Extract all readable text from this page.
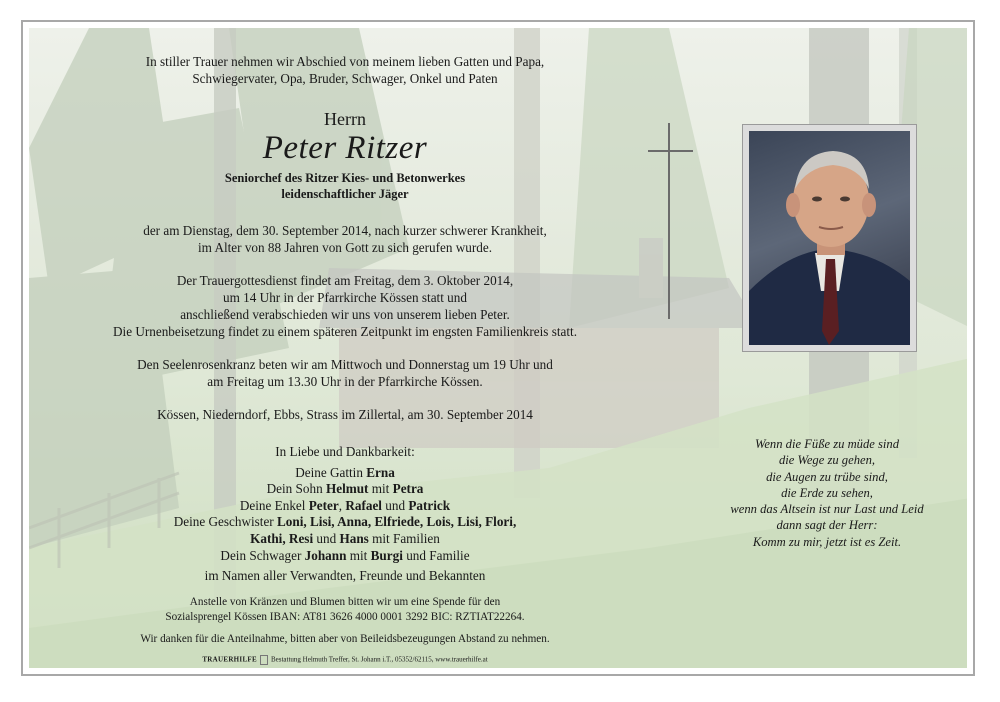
In stiller Trauer nehmen wir Abschied von meinem lieben Gatten und Papa,
Schwiegervater, Opa, Bruder, Schwager, Onkel und Paten
Herrn
Peter Ritzer
Seniorchef des Ritzer Kies- und Betonwerkes
leidenschaftlicher Jäger
der am Dienstag, dem 30. September 2014, nach kurzer schwerer Krankheit,
im Alter von 88 Jahren von Gott zu sich gerufen wurde.
Der Trauergottesdienst findet am Freitag, dem 3. Oktober 2014,
um 14 Uhr in der Pfarrkirche Kössen statt und
anschließend verabschieden wir uns von unserem lieben Peter.
Die Urnenbeisetzung findet zu einem späteren Zeitpunkt im engsten Familienkreis statt.
Den Seelenrosenkranz beten wir am Mittwoch und Donnerstag um 19 Uhr und
am Freitag um 13.30 Uhr in der Pfarrkirche Kössen.
Kössen, Niederndorf, Ebbs, Strass im Zillertal, am 30. September 2014
In Liebe und Dankbarkeit:
Deine Gattin Erna
Dein Sohn Helmut mit Petra
Deine Enkel Peter, Rafael und Patrick
Deine Geschwister Loni, Lisi, Anna, Elfriede, Lois, Lisi, Flori,
Kathi, Resi und Hans mit Familien
Dein Schwager Johann mit Burgi und Familie
im Namen aller Verwandten, Freunde und Bekannten
Anstelle von Kränzen und Blumen bitten wir um eine Spende für den
Sozialsprengel Kössen IBAN: AT81 3626 4000 0001 3292 BIC: RZTIAT22264.
Wir danken für die Anteilnahme, bitten aber von Beileidsbezeugungen Abstand zu nehmen.
TRAUERHILFE Bestattung Helmuth Treffer, St. Johann i.T., 05352/62115, www.trauerhilfe.at
Wenn die Füße zu müde sind
die Wege zu gehen,
die Augen zu trübe sind,
die Erde zu sehen,
wenn das Altsein ist nur Last und Leid
dann sagt der Herr:
Komm zu mir, jetzt ist es Zeit.
